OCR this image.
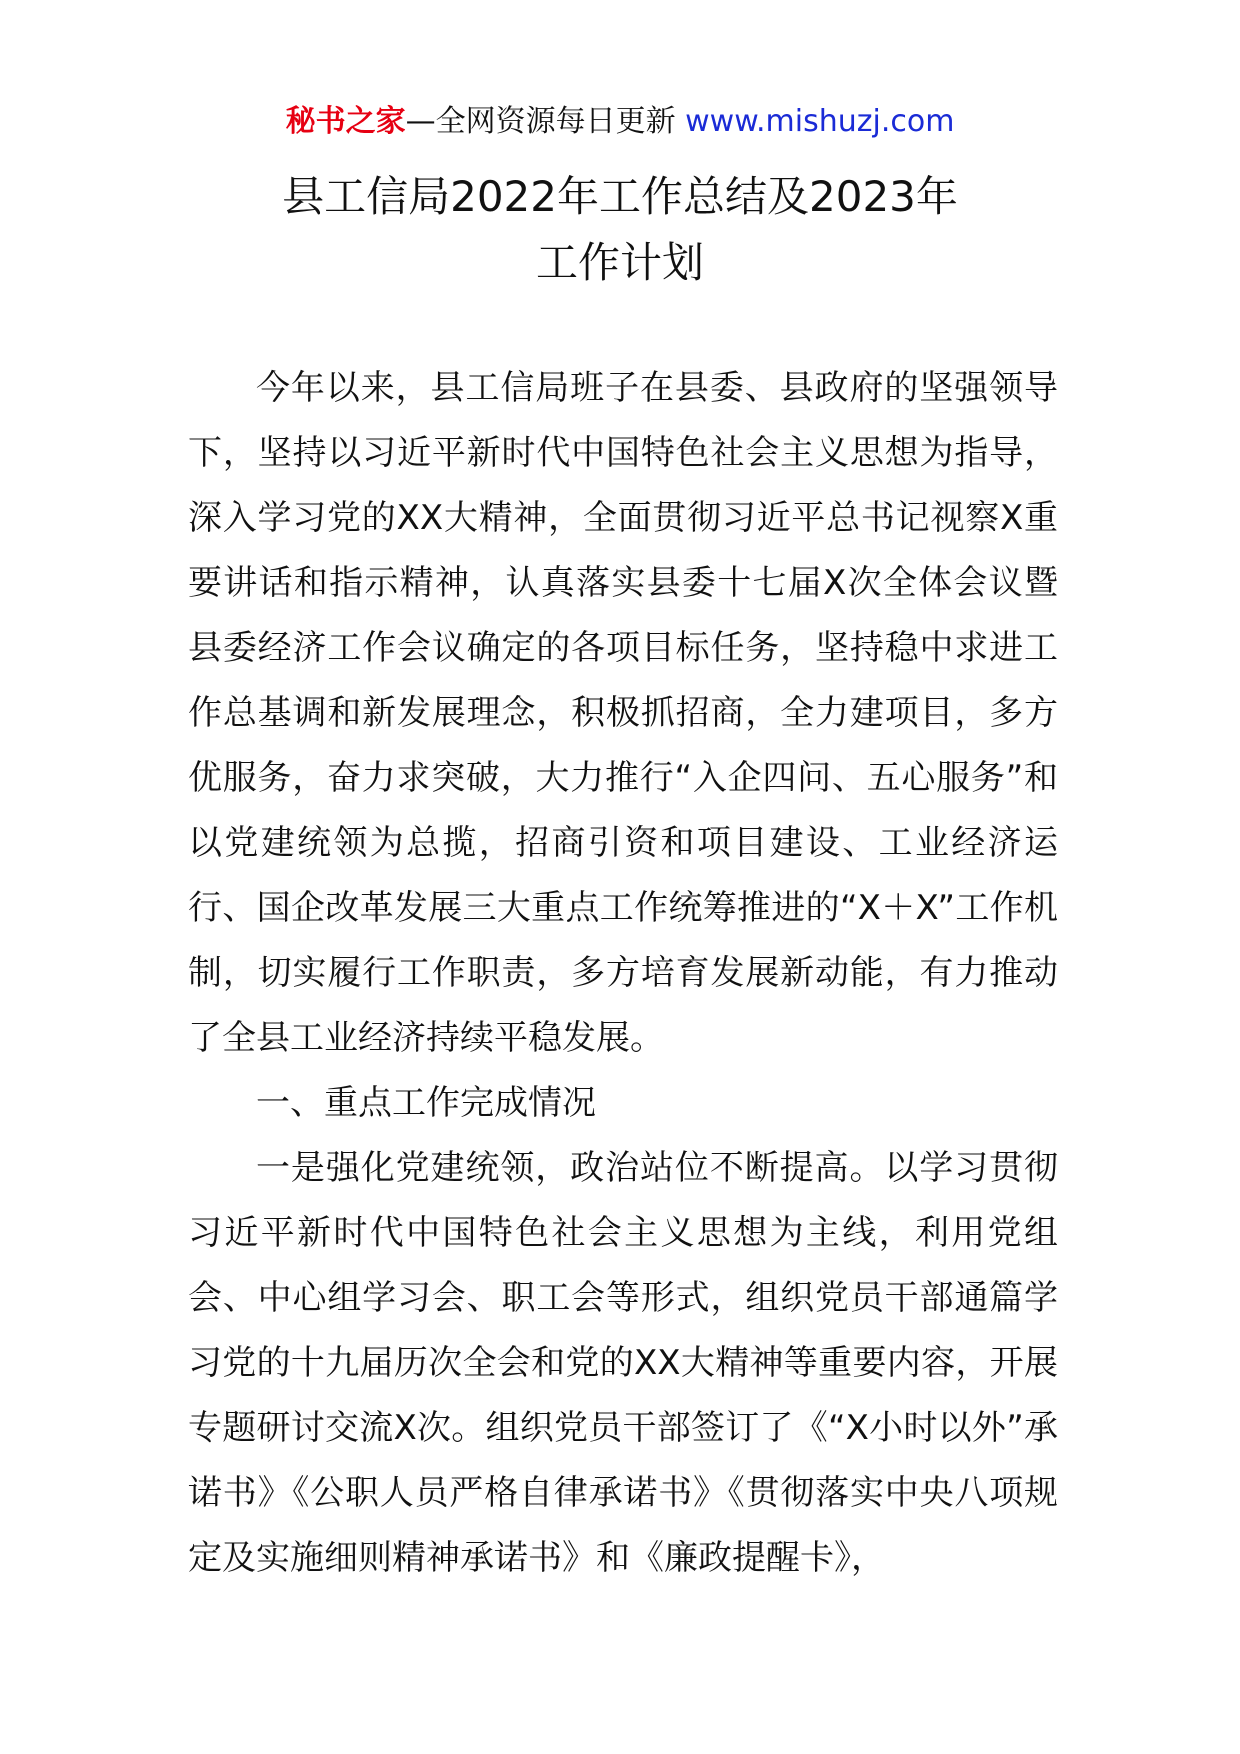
秘书之家—全网资源每日更新 www.mishuzj.com
县工信局2022年工作总结及2023年
工作计划

今年以来，县工信局班子在县委、县政府的坚强领导下，坚持以习近平新时代中国特色社会主义思想为指导，深入学习党的XX大精神，全面贯彻习近平总书记视察X重要讲话和指示精神，认真落实县委十七届X次全体会议暨县委经济工作会议确定的各项目标任务，坚持稳中求进工作总基调和新发展理念，积极抓招商，全力建项目，多方优服务，奋力求突破，大力推行“入企四问、五心服务”和以党建统领为总揽，招商引资和项目建设、工业经济运行、国企改革发展三大重点工作统筹推进的“X＋X”工作机制，切实履行工作职责，多方培育发展新动能，有力推动了全县工业经济持续平稳发展。

一、重点工作完成情况

一是强化党建统领，政治站位不断提高。以学习贯彻习近平新时代中国特色社会主义思想为主线，利用党组会、中心组学习会、职工会等形式，组织党员干部通篇学习党的十九届历次全会和党的XX大精神等重要内容，开展专题研讨交流X次。组织党员干部签订了《“X小时以外”承诺书》《公职人员严格自律承诺书》《贯彻落实中央八项规定及实施细则精神承诺书》和《廉政提醒卡》，
